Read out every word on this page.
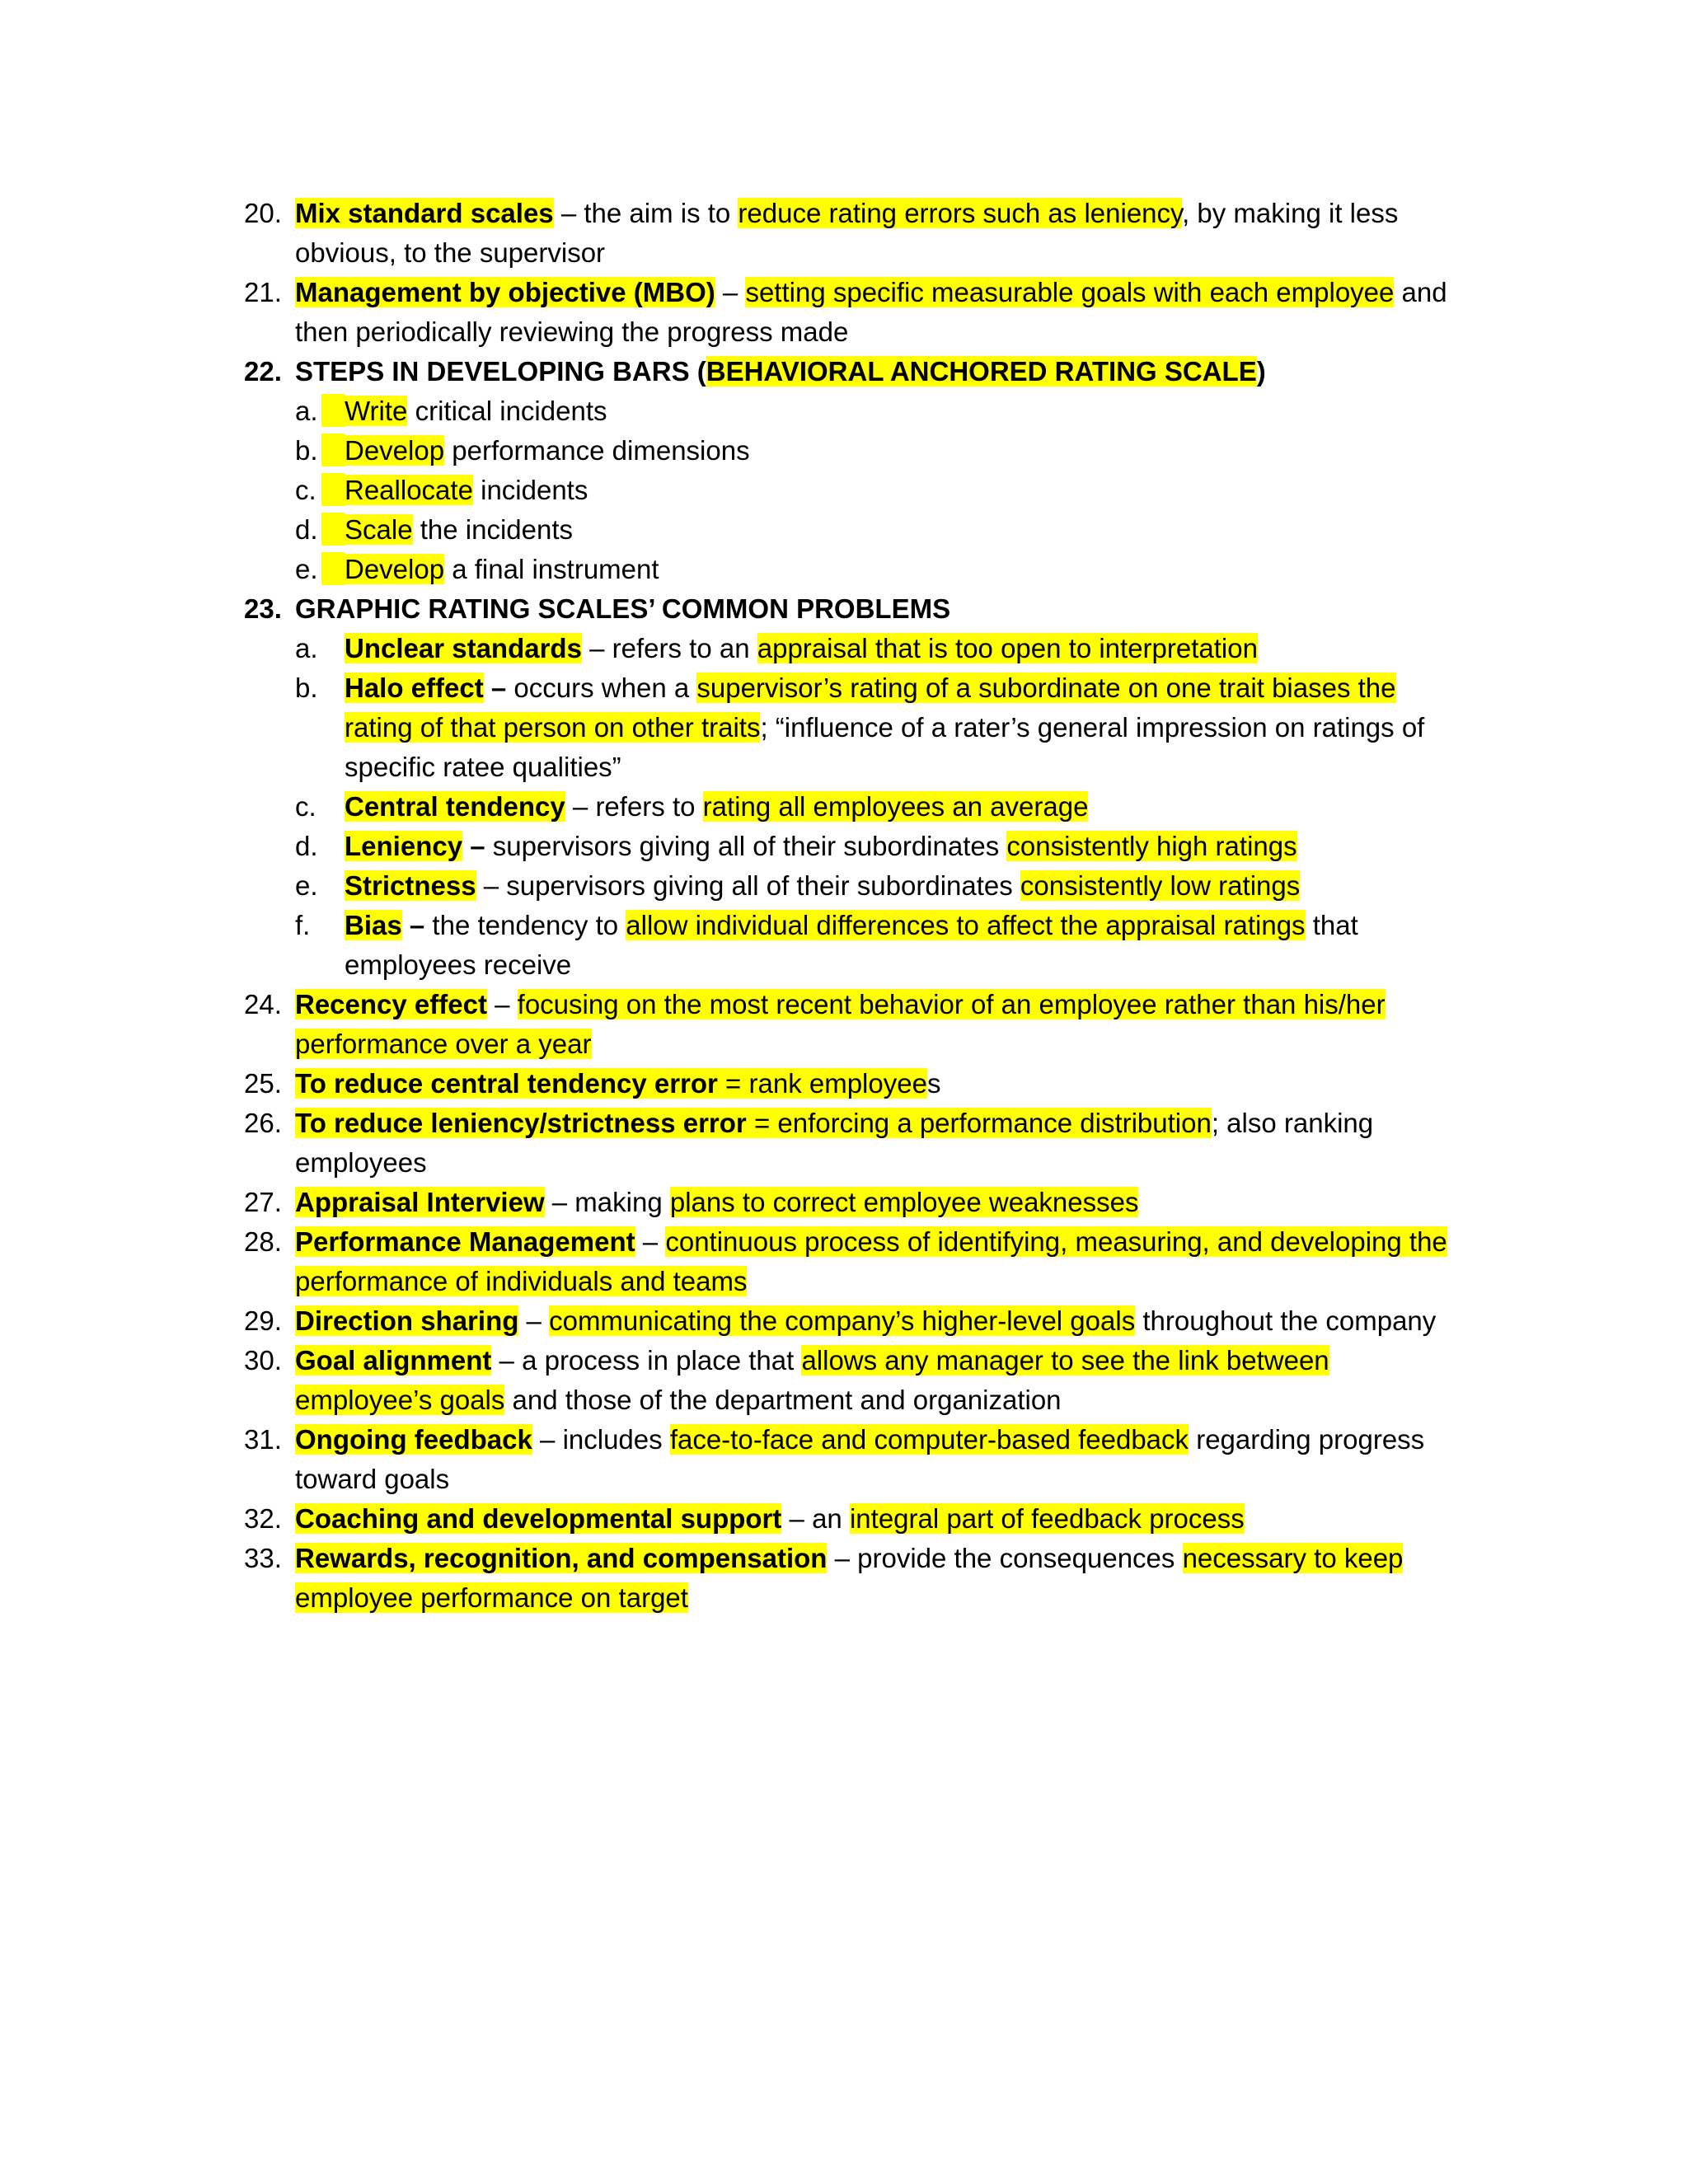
20. Mix standard scales – the aim is to reduce rating errors such as leniency, by making it less obvious, to the supervisor
21. Management by objective (MBO) – setting specific measurable goals with each employee and then periodically reviewing the progress made
22. STEPS IN DEVELOPING BARS (BEHAVIORAL ANCHORED RATING SCALE)
a. Write critical incidents
b. Develop performance dimensions
c. Reallocate incidents
d. Scale the incidents
e. Develop a final instrument
23. GRAPHIC RATING SCALES’ COMMON PROBLEMS
a. Unclear standards – refers to an appraisal that is too open to interpretation
b. Halo effect – occurs when a supervisor’s rating of a subordinate on one trait biases the rating of that person on other traits; “influence of a rater’s general impression on ratings of specific ratee qualities”
c. Central tendency – refers to rating all employees an average
d. Leniency – supervisors giving all of their subordinates consistently high ratings
e. Strictness – supervisors giving all of their subordinates consistently low ratings
f. Bias – the tendency to allow individual differences to affect the appraisal ratings that employees receive
24. Recency effect – focusing on the most recent behavior of an employee rather than his/her performance over a year
25. To reduce central tendency error = rank employees
26. To reduce leniency/strictness error = enforcing a performance distribution; also ranking employees
27. Appraisal Interview – making plans to correct employee weaknesses
28. Performance Management – continuous process of identifying, measuring, and developing the performance of individuals and teams
29. Direction sharing – communicating the company’s higher-level goals throughout the company
30. Goal alignment – a process in place that allows any manager to see the link between employee’s goals and those of the department and organization
31. Ongoing feedback – includes face-to-face and computer-based feedback regarding progress toward goals
32. Coaching and developmental support – an integral part of feedback process
33. Rewards, recognition, and compensation – provide the consequences necessary to keep employee performance on target
